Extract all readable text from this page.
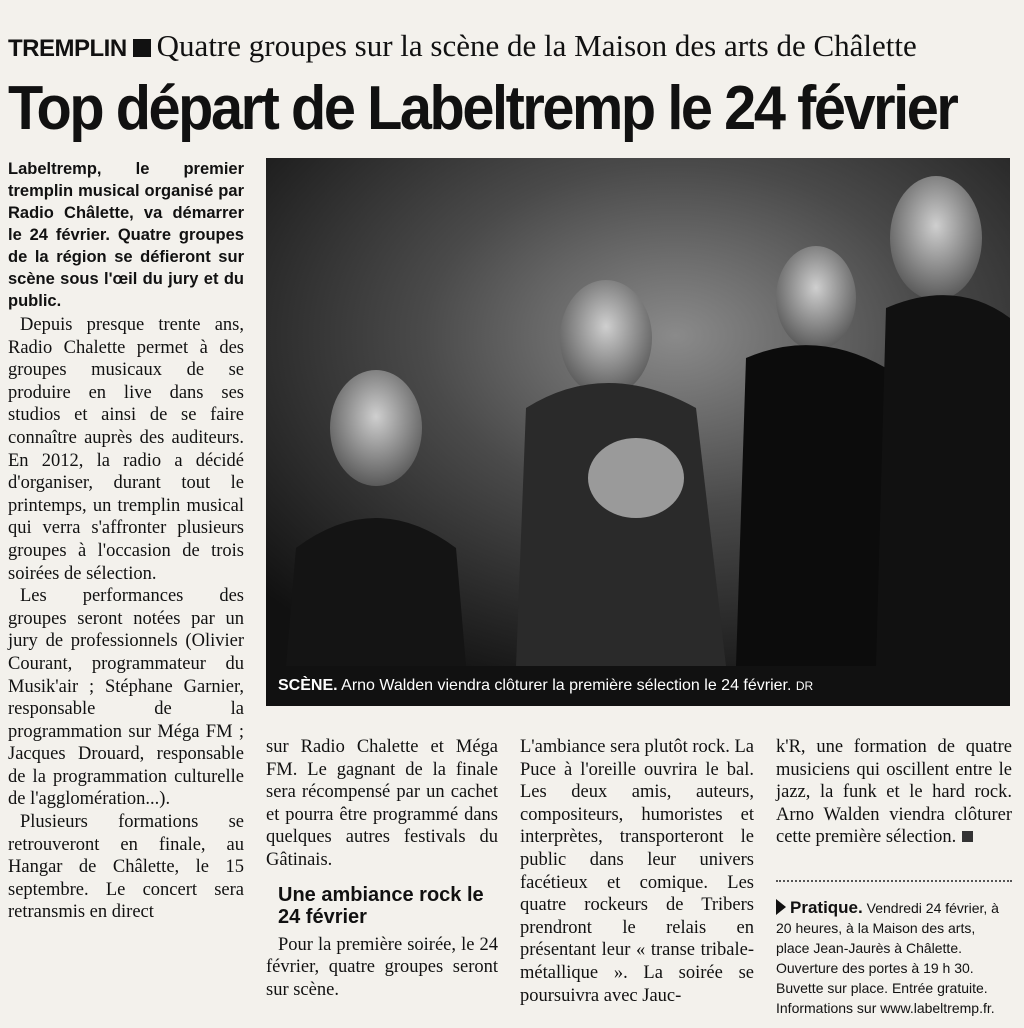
TREMPLIN Quatre groupes sur la scène de la Maison des arts de Châlette
Top départ de Labeltremp le 24 février
Labeltremp, le premier tremplin musical organisé par Radio Châlette, va démarrer le 24 février. Quatre groupes de la région se défieront sur scène sous l'œil du jury et du public.

Depuis presque trente ans, Radio Chalette permet à des groupes musicaux de se produire en live dans ses studios et ainsi de se faire connaître auprès des auditeurs. En 2012, la radio a décidé d'organiser, durant tout le printemps, un tremplin musical qui verra s'affronter plusieurs groupes à l'occasion de trois soirées de sélection.

Les performances des groupes seront notées par un jury de professionnels (Olivier Courant, programmateur du Musik'air ; Stéphane Garnier, responsable de la programmation sur Méga FM ; Jacques Drouard, responsable de la programmation culturelle de l'agglomération...).

Plusieurs formations se retrouveront en finale, au Hangar de Châlette, le 15 septembre. Le concert sera retransmis en direct

SCÈNE. Arno Walden viendra clôturer la première sélection le 24 février. DR

sur Radio Chalette et Méga FM. Le gagnant de la finale sera récompensé par un cachet et pourra être programmé dans quelques autres festivals du Gâtinais.

Une ambiance rock le 24 février

Pour la première soirée, le 24 février, quatre groupes seront sur scène.

L'ambiance sera plutôt rock. La Puce à l'oreille ouvrira le bal. Les deux amis, auteurs, compositeurs, humoristes et interprètes, transporteront le public dans leur univers facétieux et comique. Les quatre rockeurs de Tribers prendront le relais en présentant leur « transe tribale-métallique ». La soirée se poursuivra avec Jauc-

k'R, une formation de quatre musiciens qui oscillent entre le jazz, la funk et le hard rock. Arno Walden viendra clôturer cette première sélection.

Pratique. Vendredi 24 février, à 20 heures, à la Maison des arts, place Jean-Jaurès à Châlette. Ouverture des portes à 19 h 30. Buvette sur place. Entrée gratuite. Informations sur www.labeltremp.fr.
